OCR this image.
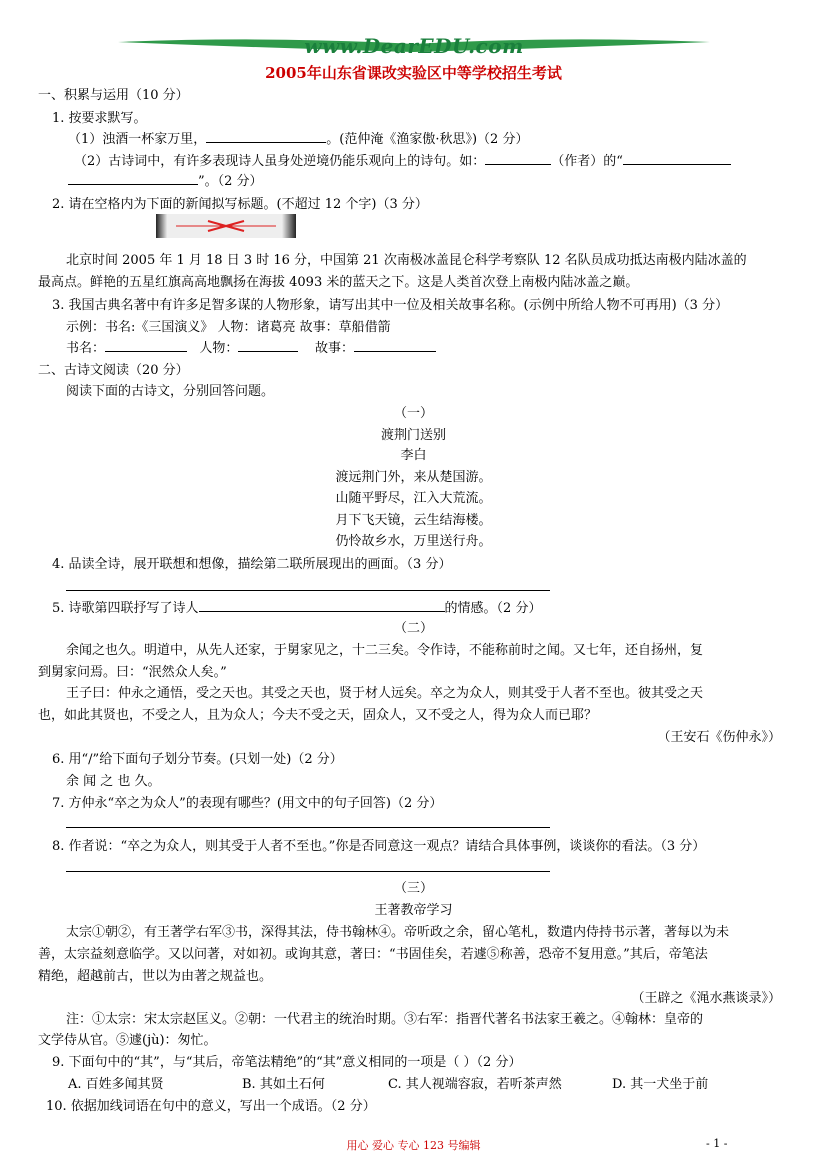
www.DearEDU.com
2005年山东省课改实验区中等学校招生考试
一、积累与运用（10 分）
1. 按要求默写。
（1）浊酒一杯家万里，	。(范仲淹《渔家傲·秋思》)（2 分）
（2）古诗词中，有许多表现诗人虽身处逆境仍能乐观向上的诗句。如：	（作者）的“
”。（2 分）
2. 请在空格内为下面的新闻拟写标题。(不超过 12 个字)（3 分）
北京时间 2005 年 1 月 18 日 3 时 16 分，中国第 21 次南极冰盖昆仑科学考察队 12 名队员成功抵达南极内陆冰盖的
最高点。鲜艳的五星红旗高高地飘扬在海拔 4093 米的蓝天之下。这是人类首次登上南极内陆冰盖之巅。
3. 我国古典名著中有许多足智多谋的人物形象，请写出其中一位及相关故事名称。(示例中所给人物不可再用)（3 分）
示例：书名:《三国演义》 人物：诸葛亮 故事：草船借箭
书名：	人物：	故事：
二、古诗文阅读（20 分）
阅读下面的古诗文，分别回答问题。
（一）
渡荆门送别
李白
渡远荆门外，来从楚国游。
山随平野尽，江入大荒流。
月下飞天镜，云生结海楼。
仍怜故乡水，万里送行舟。
4. 品读全诗，展开联想和想像，描绘第二联所展现出的画面。（3 分）
5. 诗歌第四联抒写了诗人	的情感。（2 分）
（二）
余闻之也久。明道中，从先人还家，于舅家见之，十二三矣。令作诗，不能称前时之闻。又七年，还自扬州，复
到舅家问焉。曰：“泯然众人矣。”
王子曰：仲永之通悟，受之天也。其受之天也，贤于材人远矣。卒之为众人，则其受于人者不至也。彼其受之天
也，如此其贤也，不受之人，且为众人；今夫不受之天，固众人，又不受之人，得为众人而已耶？
（王安石《伤仲永》）
6. 用“/”给下面句子划分节奏。(只划一处)（2 分）
余 闻 之 也 久。
7. 方仲永“卒之为众人”的表现有哪些？(用文中的句子回答)（2 分）
8. 作者说：“卒之为众人，则其受于人者不至也。”你是否同意这一观点？请结合具体事例，谈谈你的看法。（3 分）
（三）
王著教帝学习
太宗①朝②，有王著学右军③书，深得其法，侍书翰林④。帝听政之余，留心笔札，数遣内侍持书示著，著每以为未
善，太宗益刻意临学。又以问著，对如初。或询其意，著曰：“书固佳矣，若遽⑤称善，恐帝不复用意。”其后，帝笔法
精绝，超越前古，世以为由著之规益也。
（王辟之《渑水燕谈录》）
注：①太宗：宋太宗赵匡义。②朝：一代君主的统治时期。③右军：指晋代著名书法家王羲之。④翰林：皇帝的
文学侍从官。⑤遽(jù)：匆忙。
9. 下面句中的“其”，与“其后，帝笔法精绝”的“其”意义相同的一项是（ ）（2 分）
A. 百姓多闻其贤	B. 其如土石何	C. 其人视端容寂，若听茶声然	D. 其一犬坐于前
10. 依据加线词语在句中的意义，写出一个成语。（2 分）
用心 爱心 专心 123 号编辑	- 1 -
